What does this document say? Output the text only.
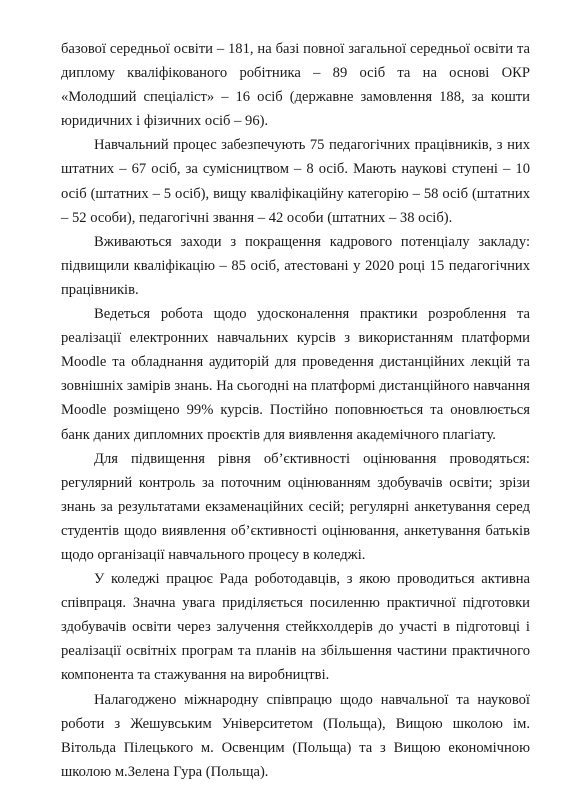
базової середньої освіти – 181, на базі повної загальної середньої освіти та диплому кваліфікованого робітника – 89 осіб та на основі ОКР «Молодший спеціаліст» – 16 осіб (державне замовлення 188, за кошти юридичних і фізичних осіб – 96).

Навчальний процес забезпечують 75 педагогічних працівників, з них штатних – 67 осіб, за сумісництвом – 8 осіб. Мають наукові ступені – 10 осіб (штатних – 5 осіб), вищу кваліфікаційну категорію – 58 осіб (штатних – 52 особи), педагогічні звання – 42 особи (штатних – 38 осіб).

Вживаються заходи з покращення кадрового потенціалу закладу: підвищили кваліфікацію – 85 осіб, атестовані у 2020 році 15 педагогічних працівників.

Ведеться робота щодо удосконалення практики розроблення та реалізації електронних навчальних курсів з використанням платформи Moodle та обладнання аудиторій для проведення дистанційних лекцій та зовнішніх замірів знань. На сьогодні на платформі дистанційного навчання Moodle розміщено 99% курсів. Постійно поповнюється та оновлюється банк даних дипломних проєктів для виявлення академічного плагіату.

Для підвищення рівня об’єктивності оцінювання проводяться: регулярний контроль за поточним оцінюванням здобувачів освіти; зрізи знань за результатами екзаменаційних сесій; регулярні анкетування серед студентів щодо виявлення об’єктивності оцінювання, анкетування батьків щодо організації навчального процесу в коледжі.

У коледжі працює Рада роботодавців, з якою проводиться активна співпраця. Значна увага приділяється посиленню практичної підготовки здобувачів освіти через залучення стейкхолдерів до участі в підготовці і реалізації освітніх програм та планів на збільшення частини практичного компонента та стажування на виробництві.

Налагоджено міжнародну співпрацю щодо навчальної та наукової роботи з Жешувським Університетом (Польща), Вищою школою ім. Вітольда Пілецького м. Освенцим (Польща) та з Вищою економічною школою м.Зелена Гура (Польща).
